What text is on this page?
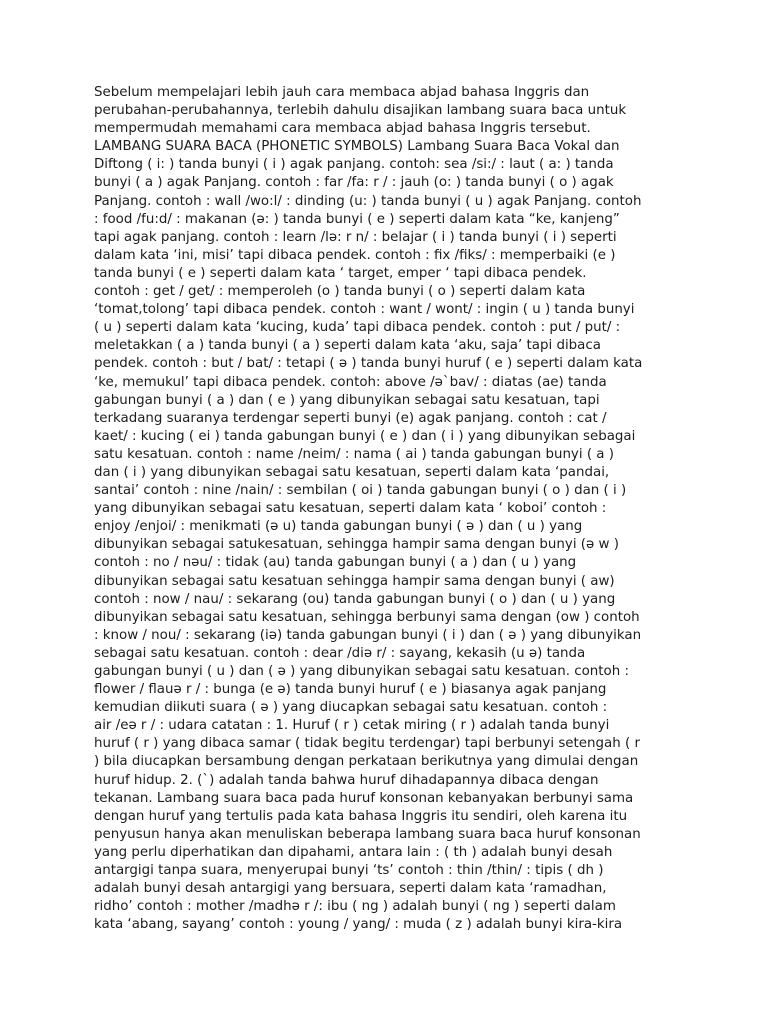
Sebelum mempelajari lebih jauh cara membaca abjad bahasa Inggris dan
perubahan-perubahannya, terlebih dahulu disajikan lambang suara baca untuk
mempermudah memahami cara membaca abjad bahasa Inggris tersebut.
LAMBANG SUARA BACA (PHONETIC SYMBOLS) Lambang Suara Baca Vokal dan
Diftong ( i: ) tanda bunyi ( i ) agak panjang. contoh: sea /si:/ : laut ( a: ) tanda
bunyi ( a ) agak Panjang. contoh : far /fa: r / : jauh (o: ) tanda bunyi ( o ) agak
Panjang. contoh : wall /wo:l/ : dinding (u: ) tanda bunyi ( u ) agak Panjang. contoh
: food /fu:d/ : makanan (ə: ) tanda bunyi ( e ) seperti dalam kata “ke, kanjeng”
tapi agak panjang. contoh : learn /lə: r n/ : belajar ( i ) tanda bunyi ( i ) seperti
dalam kata ‘ini, misi’ tapi dibaca pendek. contoh : fix /fiks/ : memperbaiki (e )
tanda bunyi ( e ) seperti dalam kata ‘ target, emper ‘ tapi dibaca pendek.
contoh : get / get/ : memperoleh (o ) tanda bunyi ( o ) seperti dalam kata
‘tomat,tolong’ tapi dibaca pendek. contoh : want / wont/ : ingin ( u ) tanda bunyi
( u ) seperti dalam kata ‘kucing, kuda’ tapi dibaca pendek. contoh : put / put/ :
meletakkan ( a ) tanda bunyi ( a ) seperti dalam kata ‘aku, saja’ tapi dibaca
pendek. contoh : but / bat/ : tetapi ( ə ) tanda bunyi huruf ( e ) seperti dalam kata
‘ke, memukul’ tapi dibaca pendek. contoh: above /ə`bav/ : diatas (ae) tanda
gabungan bunyi ( a ) dan ( e ) yang dibunyikan sebagai satu kesatuan, tapi
terkadang suaranya terdengar seperti bunyi (e) agak panjang. contoh : cat /
kaet/ : kucing ( ei ) tanda gabungan bunyi ( e ) dan ( i ) yang dibunyikan sebagai
satu kesatuan. contoh : name /neim/ : nama ( ai ) tanda gabungan bunyi ( a )
dan ( i ) yang dibunyikan sebagai satu kesatuan, seperti dalam kata ‘pandai,
santai’ contoh : nine /nain/ : sembilan ( oi ) tanda gabungan bunyi ( o ) dan ( i )
yang dibunyikan sebagai satu kesatuan, seperti dalam kata ‘ koboi’ contoh :
enjoy /enjoi/ : menikmati (ə u) tanda gabungan bunyi ( ə ) dan ( u ) yang
dibunyikan sebagai satukesatuan, sehingga hampir sama dengan bunyi (ə w )
contoh : no / nəu/ : tidak (au) tanda gabungan bunyi ( a ) dan ( u ) yang
dibunyikan sebagai satu kesatuan sehingga hampir sama dengan bunyi ( aw)
contoh : now / nau/ : sekarang (ou) tanda gabungan bunyi ( o ) dan ( u ) yang
dibunyikan sebagai satu kesatuan, sehingga berbunyi sama dengan (ow ) contoh
: know / nou/ : sekarang (iə) tanda gabungan bunyi ( i ) dan ( ə ) yang dibunyikan
sebagai satu kesatuan. contoh : dear /diə r/ : sayang, kekasih (u ə) tanda
gabungan bunyi ( u ) dan ( ə ) yang dibunyikan sebagai satu kesatuan. contoh :
flower / flauə r / : bunga (e ə) tanda bunyi huruf ( e ) biasanya agak panjang
kemudian diikuti suara ( ə ) yang diucapkan sebagai satu kesatuan. contoh :
air /eə r / : udara catatan : 1. Huruf ( r ) cetak miring ( r ) adalah tanda bunyi
huruf ( r ) yang dibaca samar ( tidak begitu terdengar) tapi berbunyi setengah ( r
) bila diucapkan bersambung dengan perkataan berikutnya yang dimulai dengan
huruf hidup. 2. (`) adalah tanda bahwa huruf dihadapannya dibaca dengan
tekanan. Lambang suara baca pada huruf konsonan kebanyakan berbunyi sama
dengan huruf yang tertulis pada kata bahasa Inggris itu sendiri, oleh karena itu
penyusun hanya akan menuliskan beberapa lambang suara baca huruf konsonan
yang perlu diperhatikan dan dipahami, antara lain : ( th ) adalah bunyi desah
antargigi tanpa suara, menyerupai bunyi ‘ts’ contoh : thin /thin/ : tipis ( dh )
adalah bunyi desah antargigi yang bersuara, seperti dalam kata ‘ramadhan,
ridho’ contoh : mother /madhə r /: ibu ( ng ) adalah bunyi ( ng ) seperti dalam
kata ‘abang, sayang’ contoh : young / yang/ : muda ( z ) adalah bunyi kira-kira
